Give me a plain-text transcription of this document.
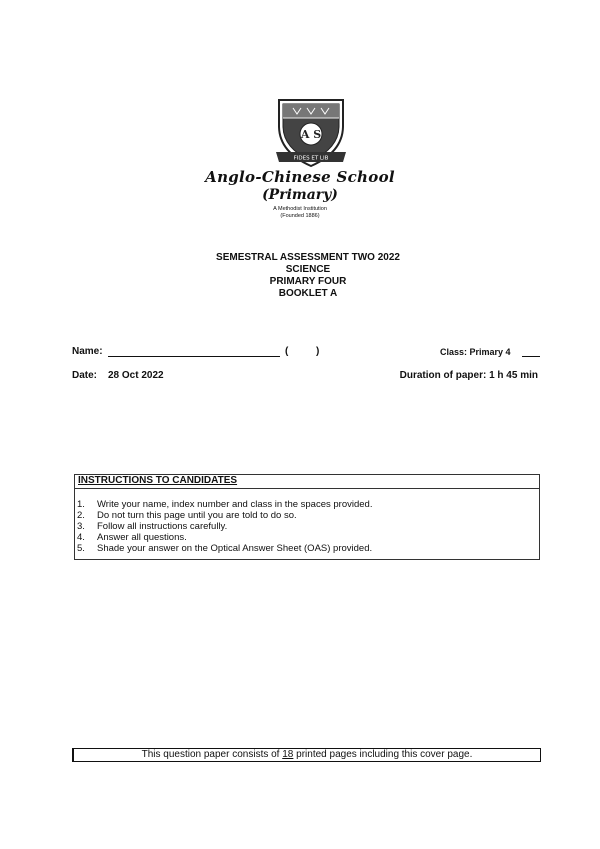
A S
FIDES ET LIB
Anglo-Chinese School
(Primary)
A Methodist Institution
(Founded 1886)
SEMESTRAL ASSESSMENT TWO 2022
SCIENCE
PRIMARY FOUR
BOOKLET A
Name:	(	)	Class: Primary 4
Date: 28 Oct 2022	Duration of paper: 1 h 45 min
INSTRUCTIONS TO CANDIDATES
1. Write your name, index number and class in the spaces provided.
2. Do not turn this page until you are told to do so.
3. Follow all instructions carefully.
4. Answer all questions.
5. Shade your answer on the Optical Answer Sheet (OAS) provided.
This question paper consists of 18 printed pages including this cover page.
